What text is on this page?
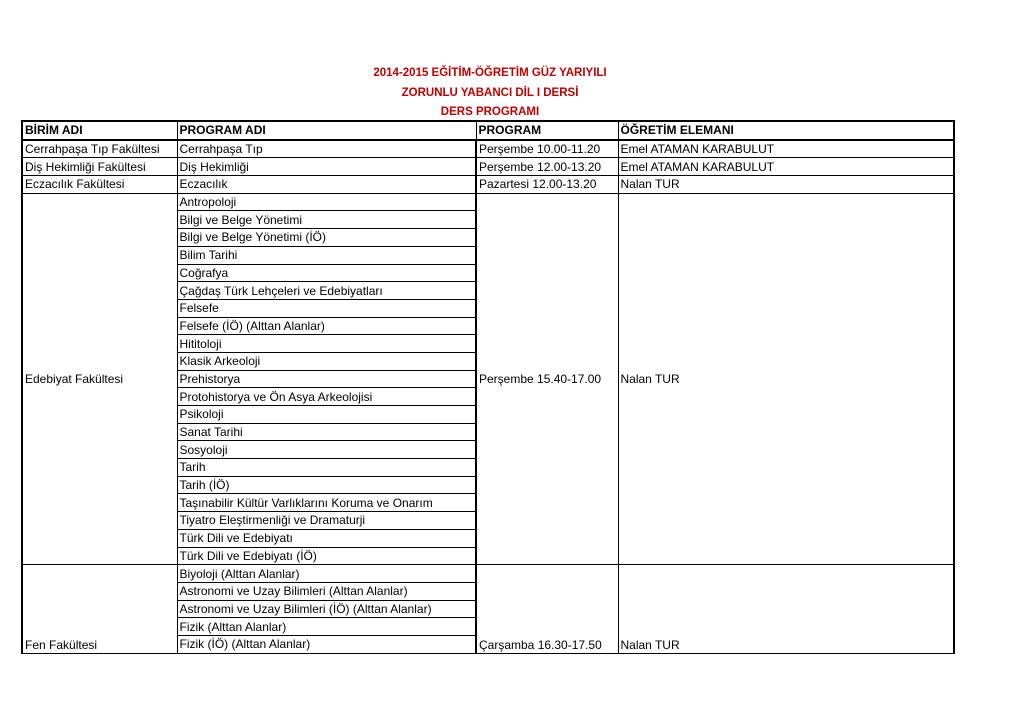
2014-2015 EĞİTİM-ÖĞRETİM GÜZ YARIYILI
ZORUNLU YABANCI DİL I DERSİ
DERS PROGRAMI
BİRİM ADI	PROGRAM ADI	PROGRAM	ÖĞRETİM ELEMANI
Cerrahpaşa Tıp Fakültesi	Cerrahpaşa Tıp	Perşembe 10.00-11.20	Emel ATAMAN KARABULUT
Diş Hekimliği Fakültesi	Diş Hekimliği	Perşembe 12.00-13.20	Emel ATAMAN KARABULUT
Eczacılık Fakültesi	Eczacılık	Pazartesi 12.00-13.20	Nalan TUR
Edebiyat Fakültesi	Antropoloji	Perşembe 15.40-17.00	Nalan TUR
	Bilgi ve Belge Yönetimi		
	Bilgi ve Belge Yönetimi (İÖ)		
	Bilim Tarihi		
	Coğrafya		
	Çağdaş Türk Lehçeleri ve Edebiyatları		
	Felsefe		
	Felsefe (İÖ) (Alttan Alanlar)		
	Hititoloji		
	Klasik Arkeoloji		
	Prehistorya		
	Protohistorya ve Ön Asya Arkeolojisi		
	Psikoloji		
	Sanat Tarihi		
	Sosyoloji		
	Tarih		
	Tarih (İÖ)		
	Taşınabilir Kültür Varlıklarını Koruma ve Onarım		
	Tiyatro Eleştirmenliği ve Dramaturji		
	Türk Dili ve Edebiyatı		
	Türk Dili ve Edebiyatı (İÖ)		
Fen Fakültesi	Biyoloji (Alttan Alanlar)	Çarşamba 16.30-17.50	Nalan TUR
	Astronomi ve Uzay Bilimleri (Alttan Alanlar)		
	Astronomi ve Uzay Bilimleri (İÖ) (Alttan Alanlar)		
	Fizik (Alttan Alanlar)		
	Fizik (İÖ) (Alttan Alanlar)		
